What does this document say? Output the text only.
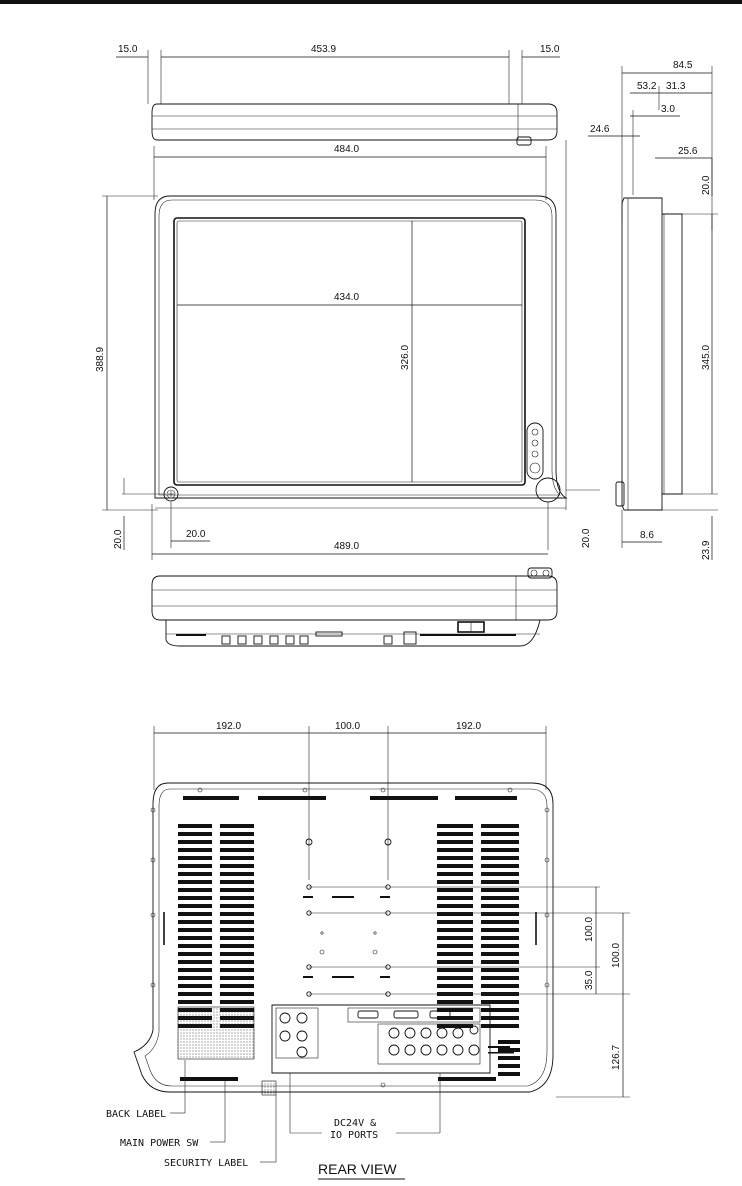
15.0	453.9	15.0
484.0
434.0
326.0
388.9
20.0	20.0	20.0
489.0
84.5
53.2 31.3
3.0
24.6
25.6
20.0
345.0
8.6
23.9
192.0	100.0	192.0
100.0
100.0
35.0
126.7
BACK LABEL
MAIN POWER SW
SECURITY LABEL
DC24V &
IO PORTS
REAR VIEW
